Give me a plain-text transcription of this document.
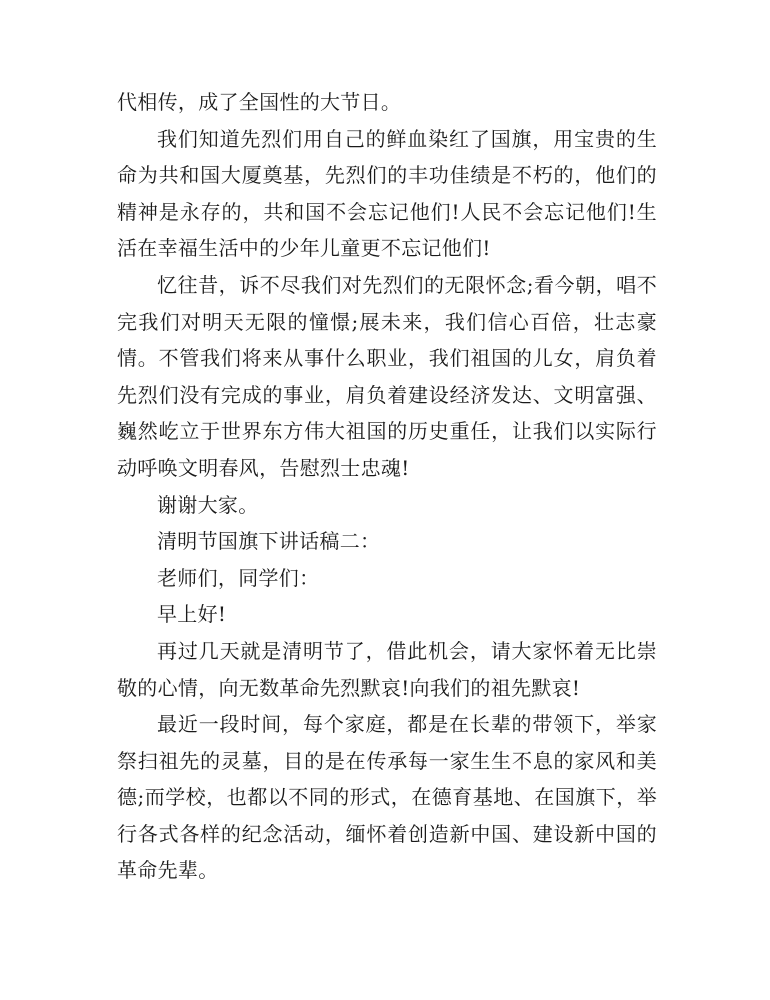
代相传，成了全国性的大节日。

我们知道先烈们用自己的鲜血染红了国旗，用宝贵的生命为共和国大厦奠基，先烈们的丰功佳绩是不朽的，他们的精神是永存的，共和国不会忘记他们!人民不会忘记他们!生活在幸福生活中的少年儿童更不忘记他们!

忆往昔，诉不尽我们对先烈们的无限怀念;看今朝，唱不完我们对明天无限的憧憬;展未来，我们信心百倍，壮志豪情。不管我们将来从事什么职业，我们祖国的儿女，肩负着先烈们没有完成的事业，肩负着建设经济发达、文明富强、巍然屹立于世界东方伟大祖国的历史重任，让我们以实际行动呼唤文明春风，告慰烈士忠魂!

谢谢大家。

清明节国旗下讲话稿二：

老师们，同学们：

早上好!

再过几天就是清明节了，借此机会，请大家怀着无比崇敬的心情，向无数革命先烈默哀!向我们的祖先默哀!

最近一段时间，每个家庭，都是在长辈的带领下，举家祭扫祖先的灵墓，目的是在传承每一家生生不息的家风和美德;而学校，也都以不同的形式，在德育基地、在国旗下，举行各式各样的纪念活动，缅怀着创造新中国、建设新中国的革命先辈。
